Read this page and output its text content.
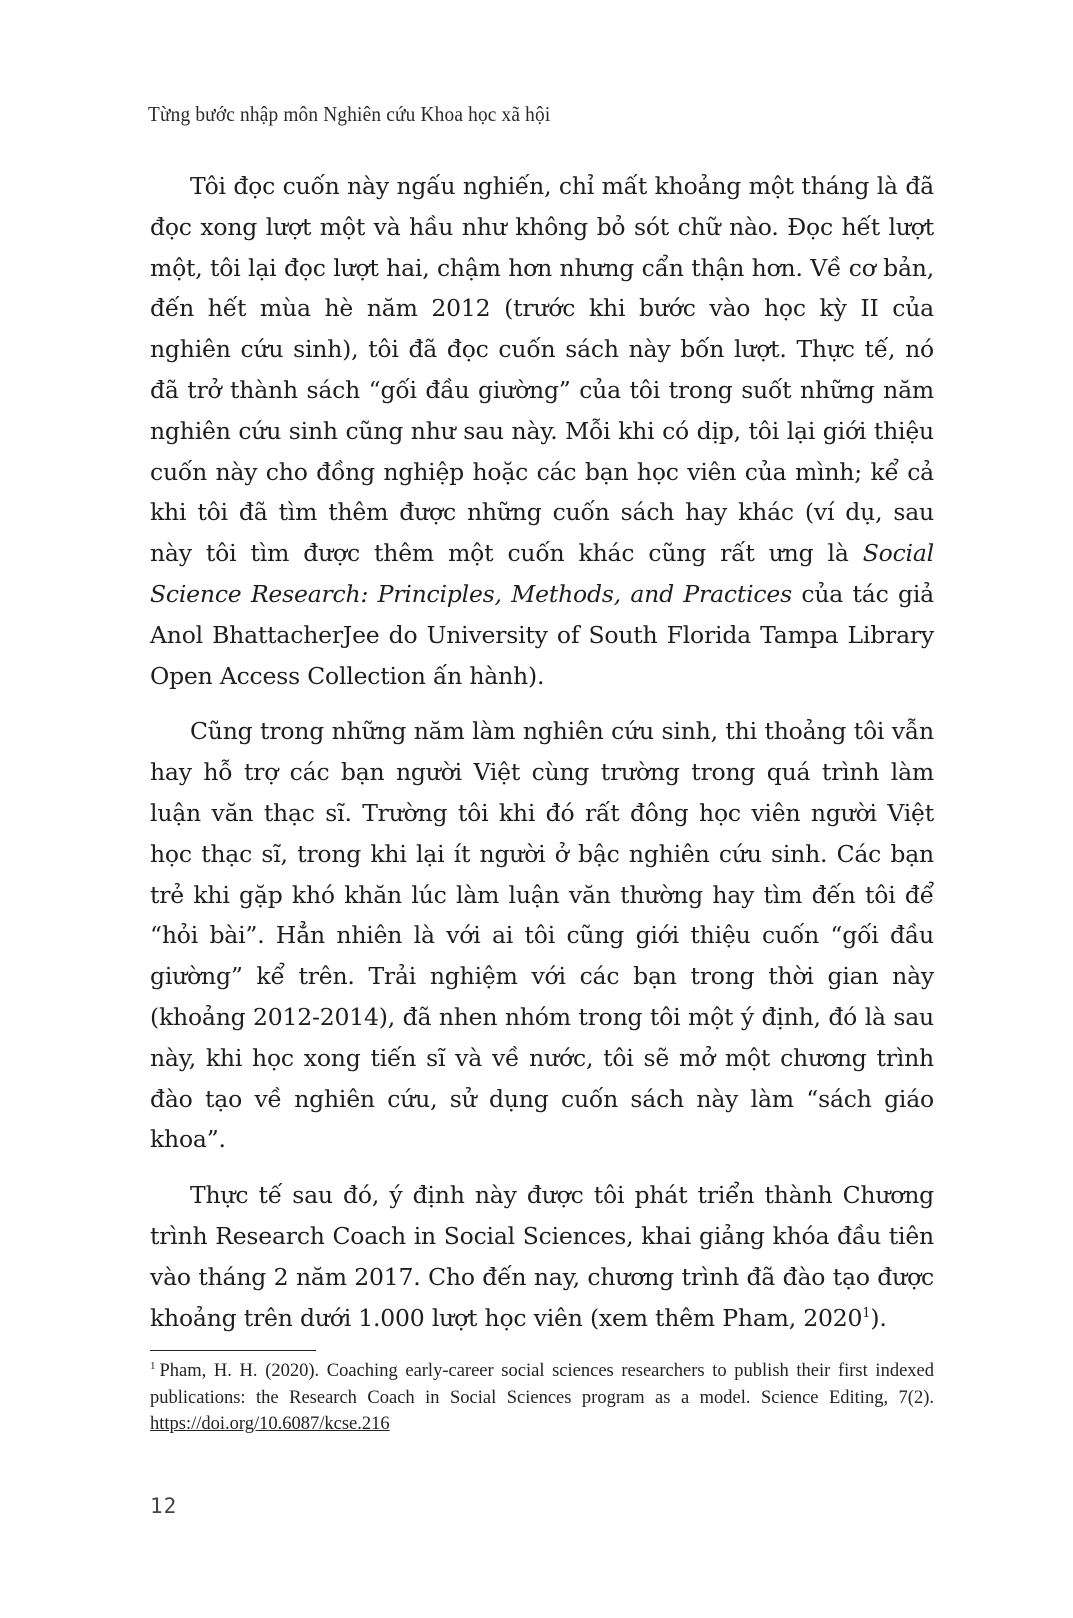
Từng bước nhập môn Nghiên cứu Khoa học xã hội

Tôi đọc cuốn này ngấu nghiến, chỉ mất khoảng một tháng là đã đọc xong lượt một và hầu như không bỏ sót chữ nào. Đọc hết lượt một, tôi lại đọc lượt hai, chậm hơn nhưng cẩn thận hơn. Về cơ bản, đến hết mùa hè năm 2012 (trước khi bước vào học kỳ II của nghiên cứu sinh), tôi đã đọc cuốn sách này bốn lượt. Thực tế, nó đã trở thành sách “gối đầu giường” của tôi trong suốt những năm nghiên cứu sinh cũng như sau này. Mỗi khi có dịp, tôi lại giới thiệu cuốn này cho đồng nghiệp hoặc các bạn học viên của mình; kể cả khi tôi đã tìm thêm được những cuốn sách hay khác (ví dụ, sau này tôi tìm được thêm một cuốn khác cũng rất ưng là Social Science Research: Principles, Methods, and Practices của tác giả Anol BhattacherJee do University of South Florida Tampa Library Open Access Collection ấn hành).

Cũng trong những năm làm nghiên cứu sinh, thi thoảng tôi vẫn hay hỗ trợ các bạn người Việt cùng trường trong quá trình làm luận văn thạc sĩ. Trường tôi khi đó rất đông học viên người Việt học thạc sĩ, trong khi lại ít người ở bậc nghiên cứu sinh. Các bạn trẻ khi gặp khó khăn lúc làm luận văn thường hay tìm đến tôi để “hỏi bài”. Hẳn nhiên là với ai tôi cũng giới thiệu cuốn “gối đầu giường” kể trên. Trải nghiệm với các bạn trong thời gian này (khoảng 2012-2014), đã nhen nhóm trong tôi một ý định, đó là sau này, khi học xong tiến sĩ và về nước, tôi sẽ mở một chương trình đào tạo về nghiên cứu, sử dụng cuốn sách này làm “sách giáo khoa”.

Thực tế sau đó, ý định này được tôi phát triển thành Chương trình Research Coach in Social Sciences, khai giảng khóa đầu tiên vào tháng 2 năm 2017. Cho đến nay, chương trình đã đào tạo được khoảng trên dưới 1.000 lượt học viên (xem thêm Pham, 2020$^1$).

$^1$ Pham, H. H. (2020). Coaching early-career social sciences researchers to publish their first indexed publications: the Research Coach in Social Sciences program as a model. Science Editing, 7(2). https://doi.org/10.6087/kcse.216

12
